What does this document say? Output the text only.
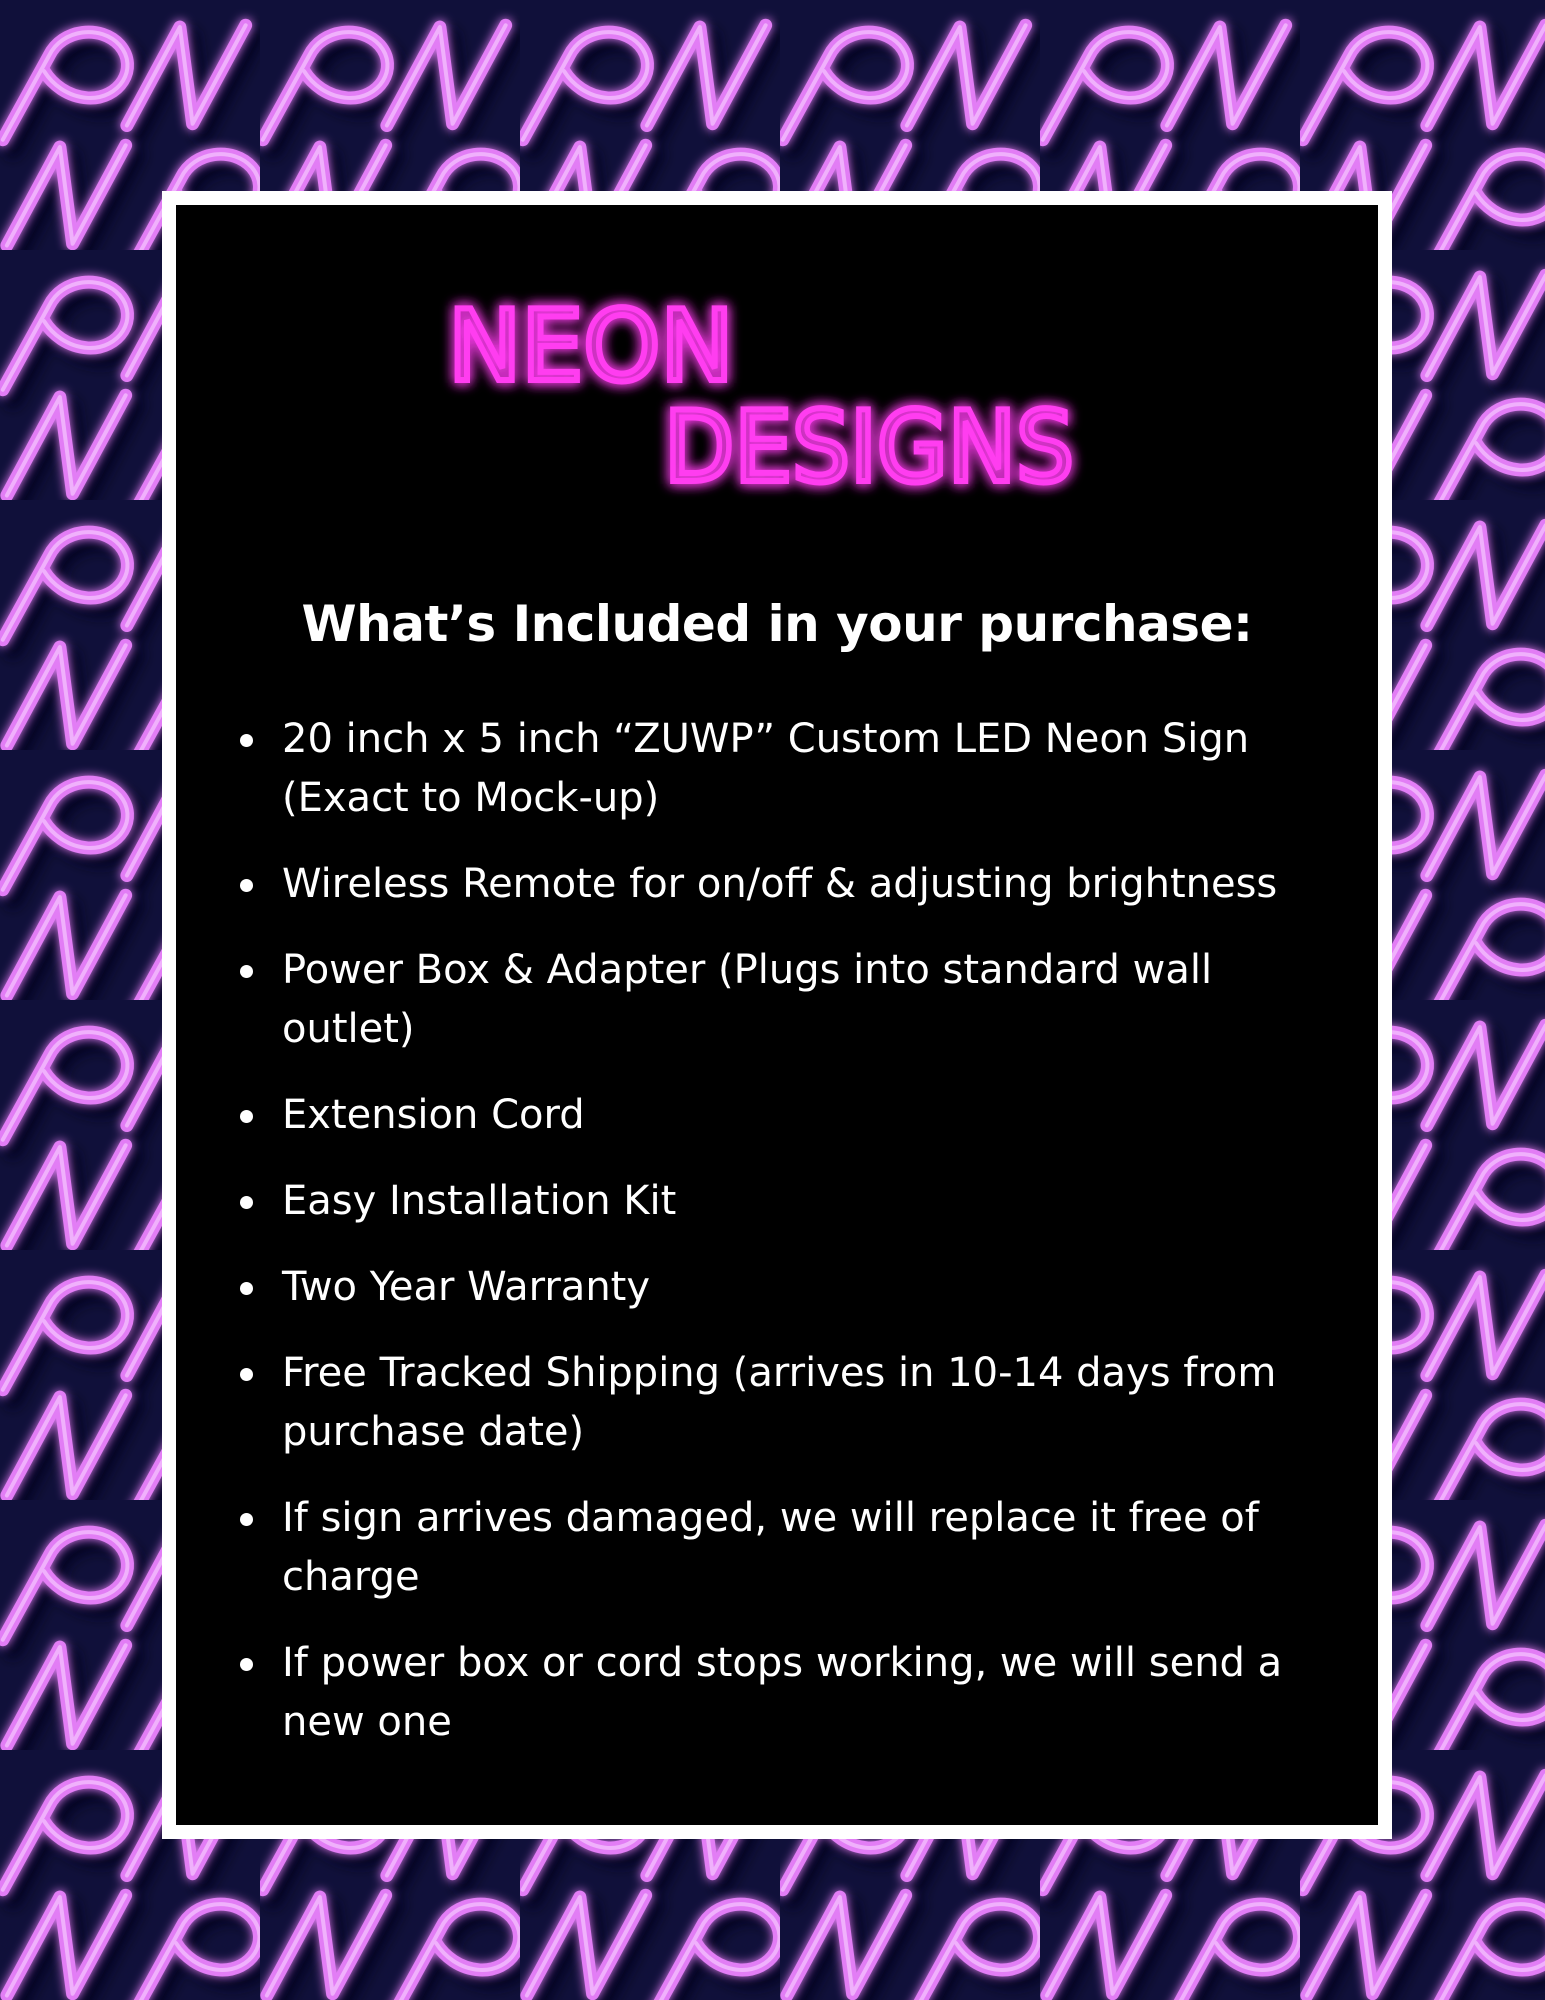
NEON
DESIGNS
What’s Included in your purchase:
20 inch x 5 inch “ZUWP” Custom LED Neon Sign (Exact to Mock-up)
Wireless Remote for on/off & adjusting brightness
Power Box & Adapter (Plugs into standard wall outlet)
Extension Cord
Easy Installation Kit
Two Year Warranty
Free Tracked Shipping (arrives in 10-14 days from purchase date)
If sign arrives damaged, we will replace it free of charge
If power box or cord stops working, we will send a new one
